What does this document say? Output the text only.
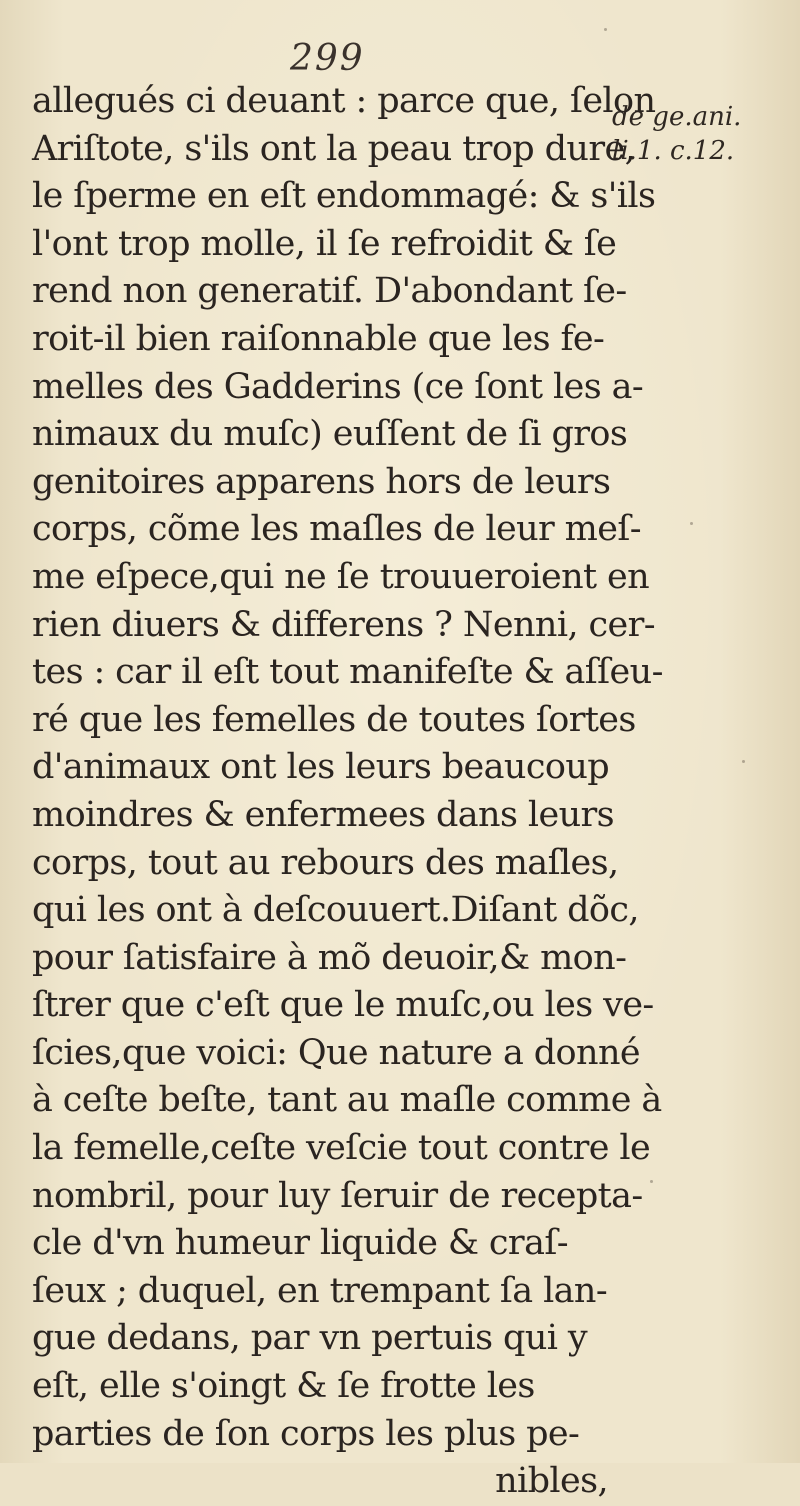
299
de ge.ani.
li.1. c.12.
allegués ci deuant : parce que, ſelon
Ariſtote, s'ils ont la peau trop dure,
le ſperme en eſt endommagé: & s'ils
l'ont trop molle, il ſe refroidit & ſe
rend non generatif. D'abondant ſe-
roit-il bien raiſonnable que les fe-
melles des Gadderins (ce ſont les a-
nimaux du muſc) euſſent de ſi gros
genitoires apparens hors de leurs
corps, cõme les maſles de leur meſ-
me eſpece,qui ne ſe trouueroient en
rien diuers & differens ? Nenni, cer-
tes : car il eſt tout manifeſte & aſſeu-
ré que les femelles de toutes ſortes
d'animaux ont les leurs beaucoup
moindres & enfermees dans leurs
corps, tout au rebours des maſles,
qui les ont à deſcouuert.Diſant dõc,
pour ſatisfaire à mõ deuoir,& mon-
ſtrer que c'eſt que le muſc,ou les ve-
ſcies,que voici: Que nature a donné
à ceſte beſte, tant au maſle comme à
la femelle,ceſte veſcie tout contre le
nombril, pour luy ſeruir de recepta-
cle d'vn humeur liquide & craſ-
ſeux ; duquel, en trempant ſa lan-
gue dedans, par vn pertuis qui y
eſt, elle s'oingt & ſe frotte les
parties de ſon corps les plus pe-
nibles,
